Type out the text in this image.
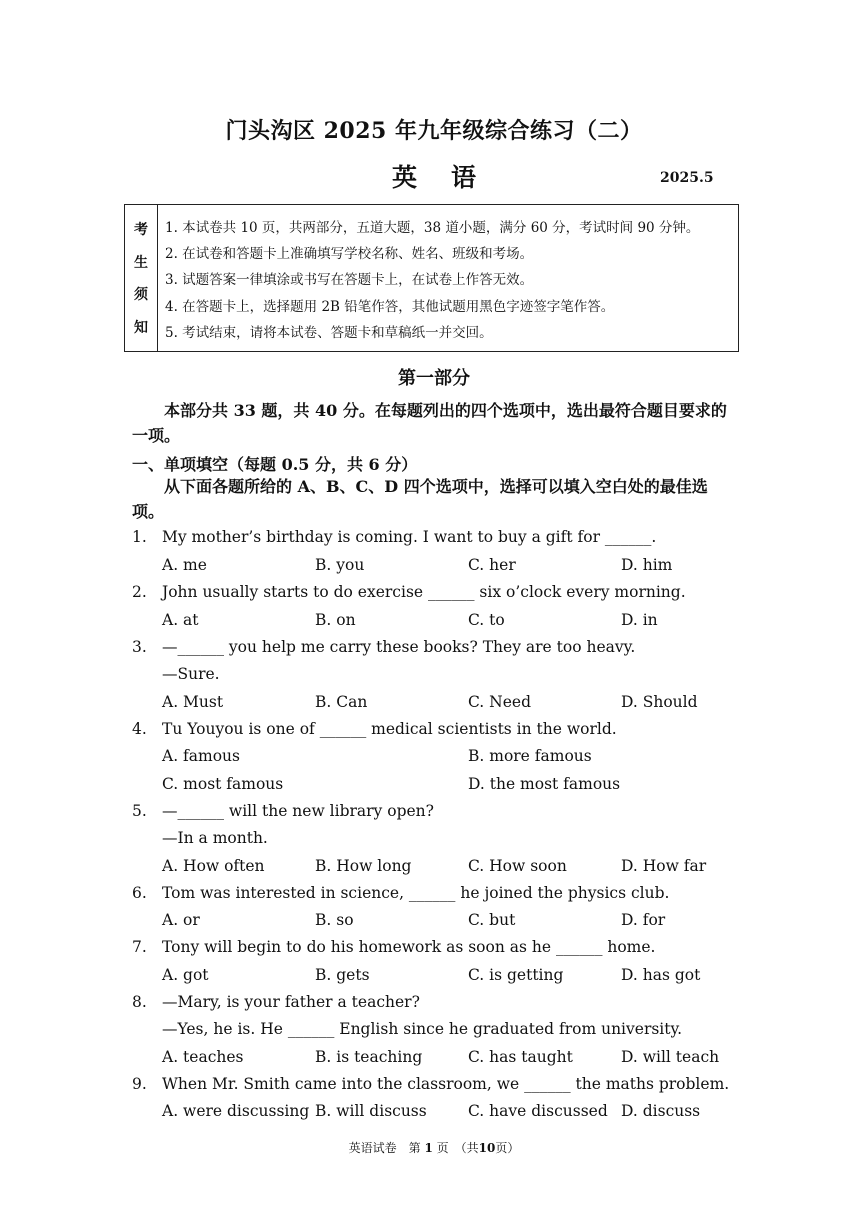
门头沟区 2025 年九年级综合练习（二）
英语	2025.5
考
生
须
知
1. 本试卷共 10 页，共两部分，五道大题，38 道小题，满分 60 分，考试时间 90 分钟。
2. 在试卷和答题卡上准确填写学校名称、姓名、班级和考场。
3. 试题答案一律填涂或书写在答题卡上，在试卷上作答无效。
4. 在答题卡上，选择题用 2B 铅笔作答，其他试题用黑色字迹签字笔作答。
5. 考试结束，请将本试卷、答题卡和草稿纸一并交回。
第一部分
本部分共 33 题，共 40 分。在每题列出的四个选项中，选出最符合题目要求的一项。
一、单项填空（每题 0.5 分，共 6 分）
从下面各题所给的 A、B、C、D 四个选项中，选择可以填入空白处的最佳选项。
1. My mother’s birthday is coming. I want to buy a gift for ______.
A. me	B. you	C. her	D. him
2. John usually starts to do exercise ______ six o’clock every morning.
A. at	B. on	C. to	D. in
3. —______ you help me carry these books? They are too heavy.
—Sure.
A. Must	B. Can	C. Need	D. Should
4. Tu Youyou is one of ______ medical scientists in the world.
A. famous	B. more famous
C. most famous	D. the most famous
5. —______ will the new library open?
—In a month.
A. How often	B. How long	C. How soon	D. How far
6. Tom was interested in science, ______ he joined the physics club.
A. or	B. so	C. but	D. for
7. Tony will begin to do his homework as soon as he ______ home.
A. got	B. gets	C. is getting	D. has got
8. —Mary, is your father a teacher?
—Yes, he is. He ______ English since he graduated from university.
A. teaches	B. is teaching	C. has taught	D. will teach
9. When Mr. Smith came into the classroom, we ______ the maths problem.
A. were discussing B. will discuss	C. have discussed D. discuss
英语试卷　第 1 页　（共10页）
